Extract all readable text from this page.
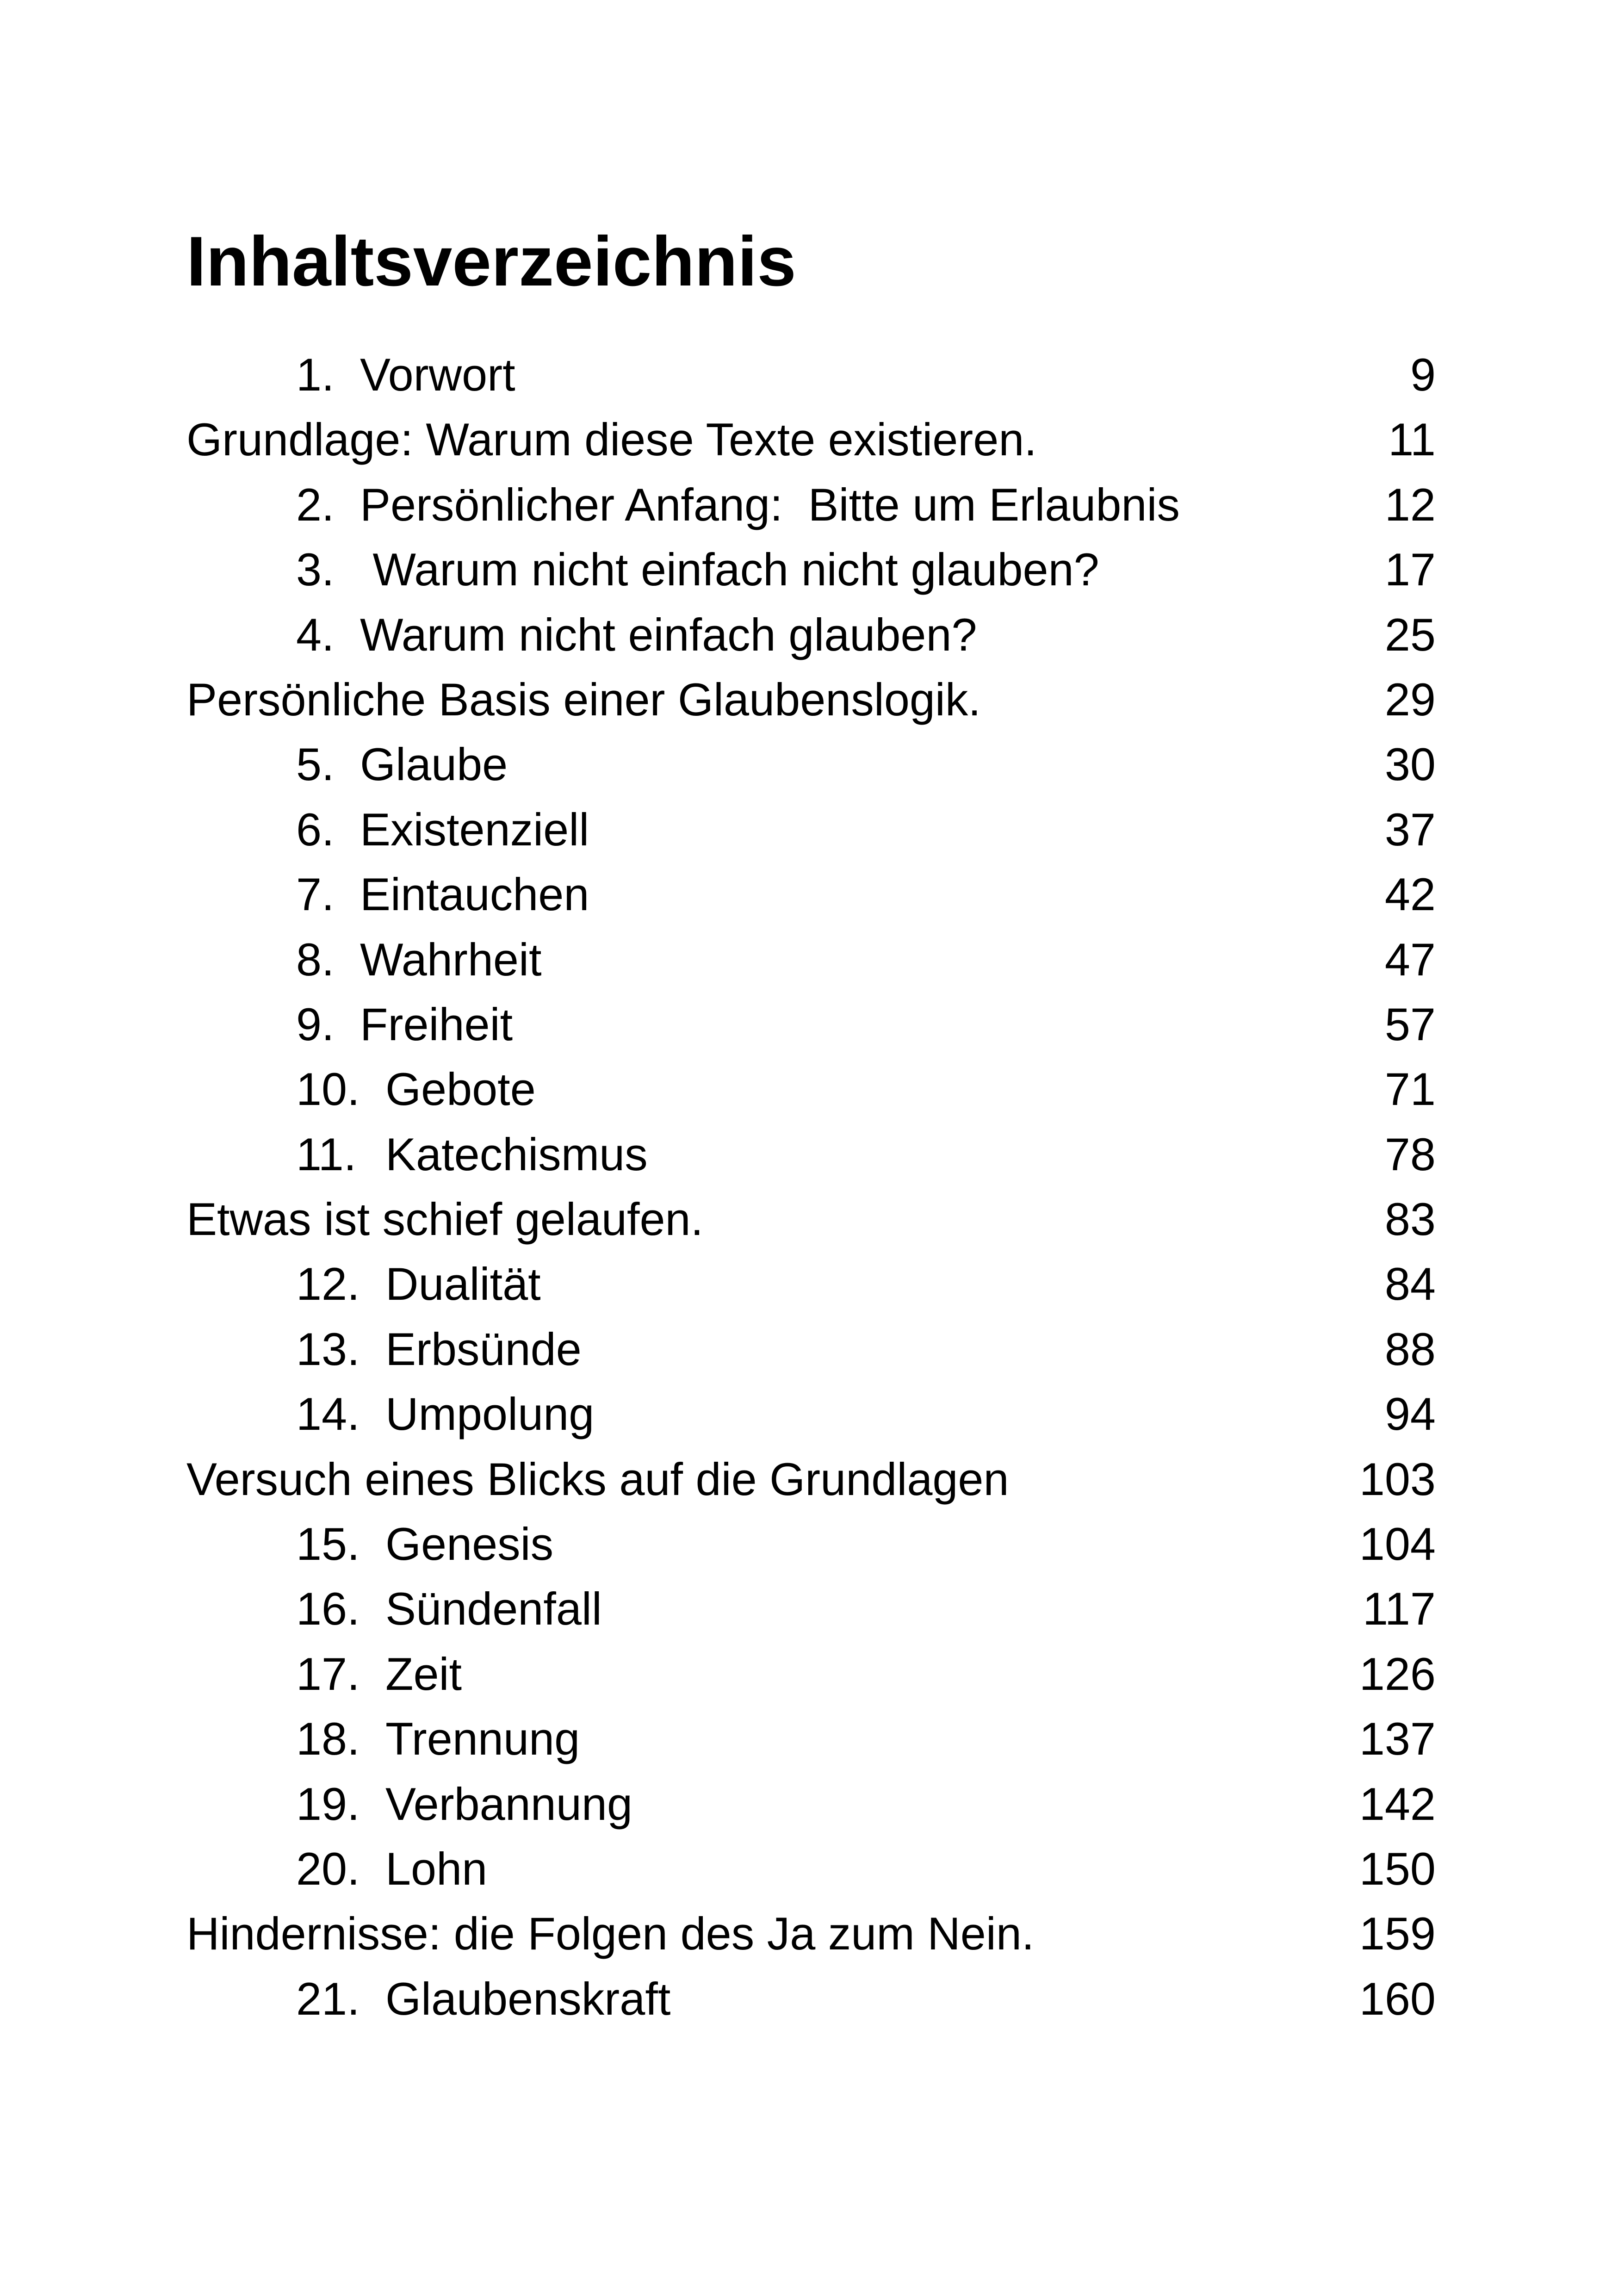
Inhaltsverzeichnis
1. Vorwort	9
Grundlage: Warum diese Texte existieren.	11
2. Persönlicher Anfang:  Bitte um Erlaubnis	12
3. Warum nicht einfach nicht glauben?	17
4. Warum nicht einfach glauben?	25
Persönliche Basis einer Glaubenslogik.	29
5. Glaube	30
6. Existenziell	37
7. Eintauchen	42
8. Wahrheit	47
9. Freiheit	57
10. Gebote	71
11. Katechismus	78
Etwas ist schief gelaufen.	83
12. Dualität	84
13. Erbsünde	88
14. Umpolung	94
Versuch eines Blicks auf die Grundlagen	103
15. Genesis	104
16. Sündenfall	117
17. Zeit	126
18. Trennung	137
19. Verbannung	142
20. Lohn	150
Hindernisse: die Folgen des Ja zum Nein.	159
21. Glaubenskraft	160
